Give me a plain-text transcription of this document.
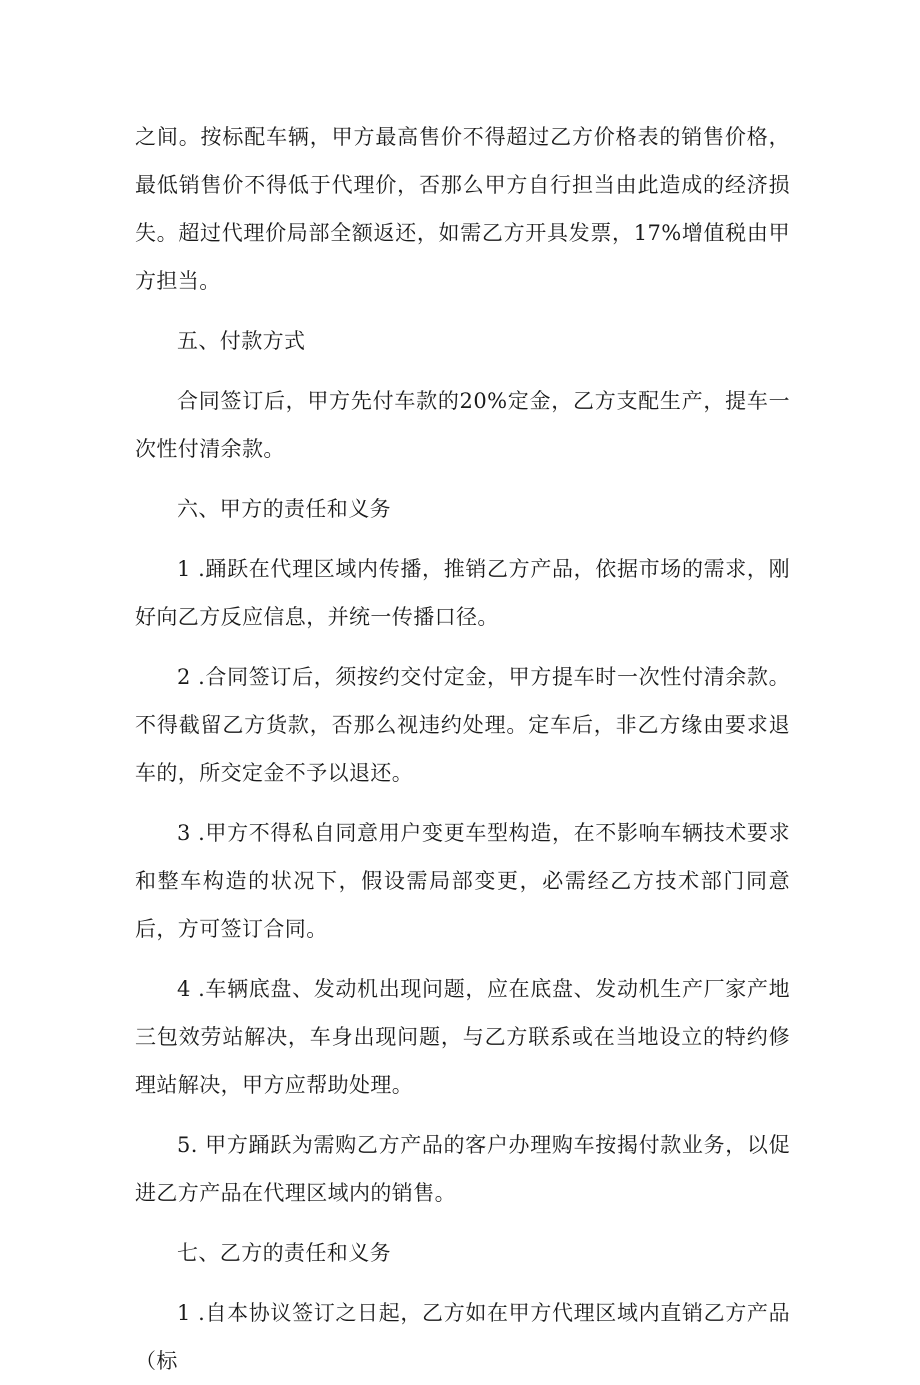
之间。按标配车辆，甲方最高售价不得超过乙方价格表的销售价格，最低销售价不得低于代理价，否那么甲方自行担当由此造成的经济损失。超过代理价局部全额返还，如需乙方开具发票，17%增值税由甲方担当。

五、付款方式

合同签订后，甲方先付车款的20%定金，乙方支配生产，提车一次性付清余款。

六、甲方的责任和义务

1 .踊跃在代理区域内传播，推销乙方产品，依据市场的需求，刚好向乙方反应信息，并统一传播口径。

2 .合同签订后，须按约交付定金，甲方提车时一次性付清余款。不得截留乙方货款，否那么视违约处理。定车后，非乙方缘由要求退车的，所交定金不予以退还。

3 .甲方不得私自同意用户变更车型构造，在不影响车辆技术要求和整车构造的状况下，假设需局部变更，必需经乙方技术部门同意后，方可签订合同。

4 .车辆底盘、发动机出现问题，应在底盘、发动机生产厂家产地三包效劳站解决，车身出现问题，与乙方联系或在当地设立的特约修理站解决，甲方应帮助处理。

5. 甲方踊跃为需购乙方产品的客户办理购车按揭付款业务，以促进乙方产品在代理区域内的销售。

七、乙方的责任和义务

1 .自本协议签订之日起，乙方如在甲方代理区域内直销乙方产品（标
